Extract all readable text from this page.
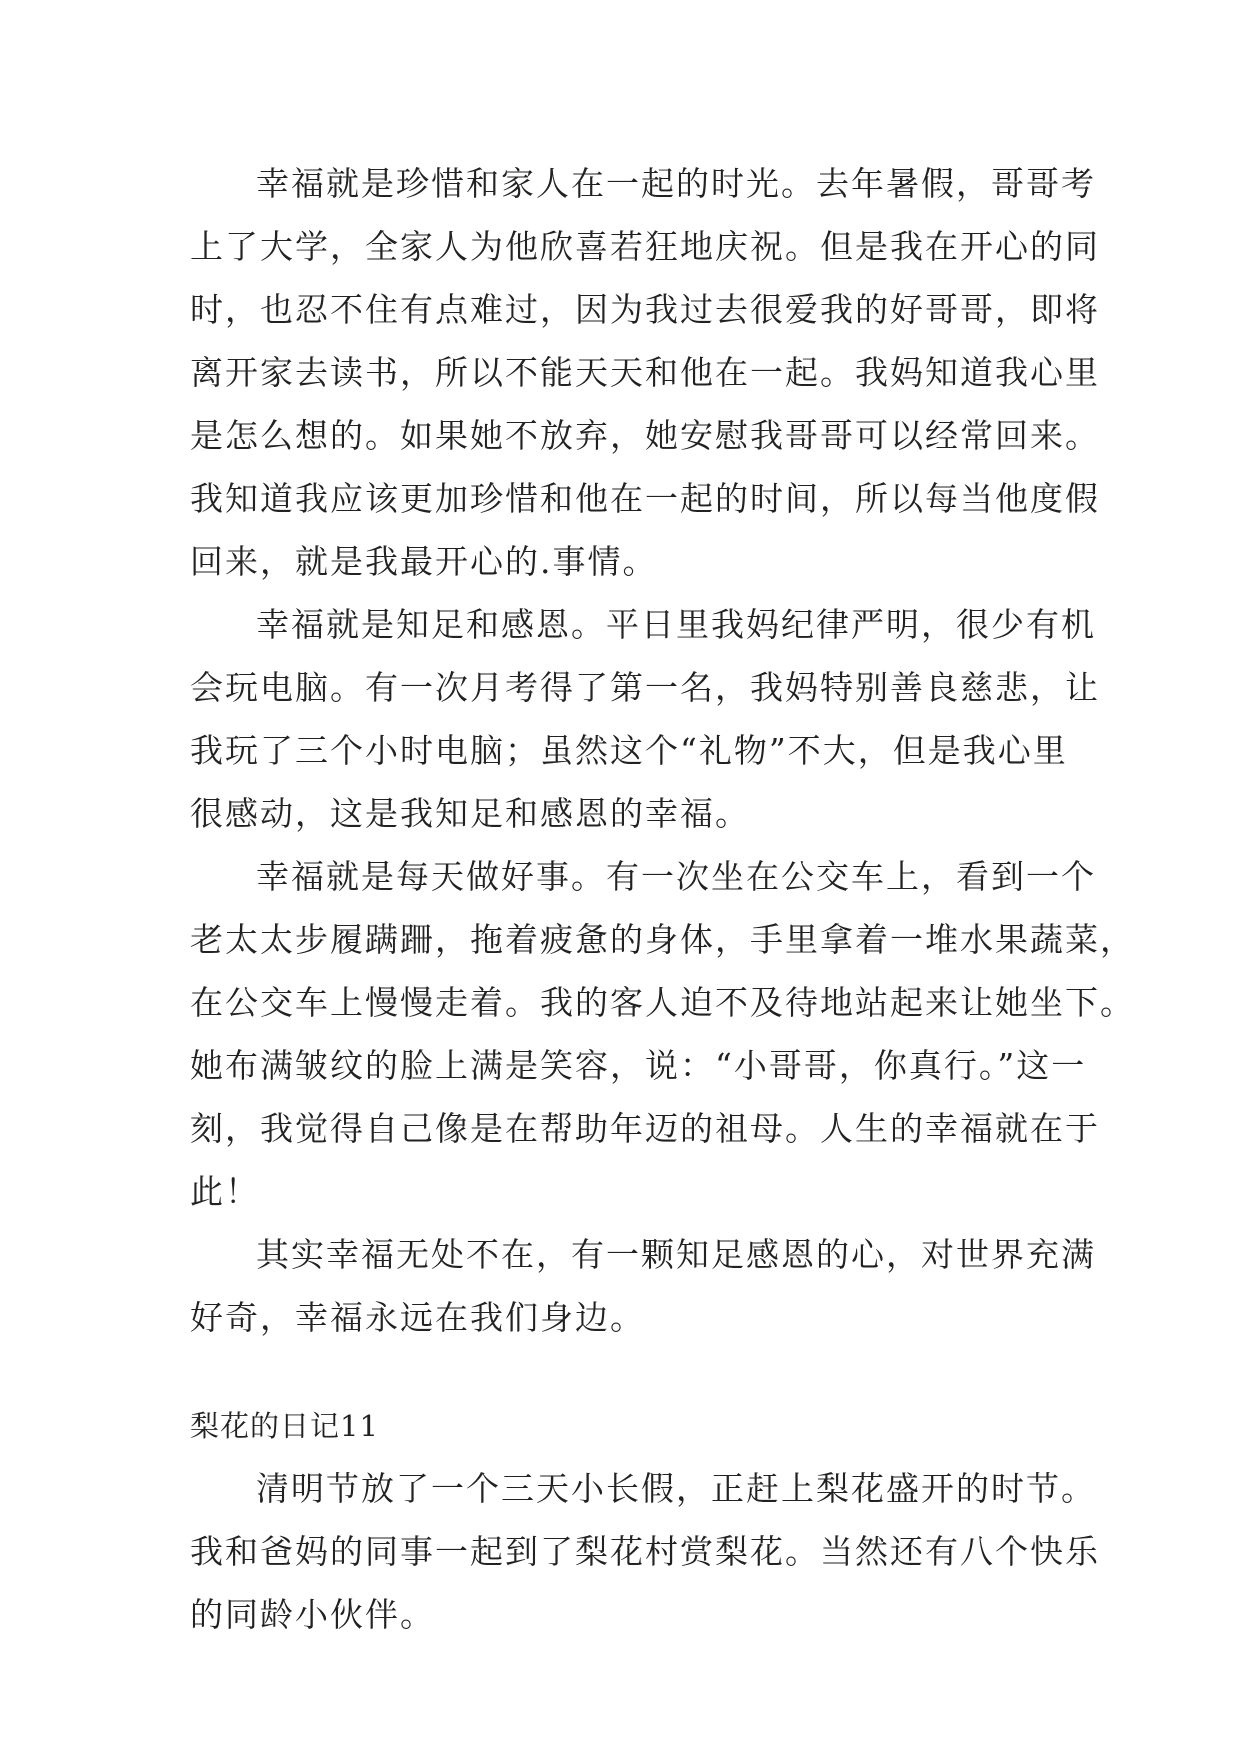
幸福就是珍惜和家人在一起的时光。去年暑假，哥哥考

上了大学，全家人为他欣喜若狂地庆祝。但是我在开心的同

时，也忍不住有点难过，因为我过去很爱我的好哥哥，即将

离开家去读书，所以不能天天和他在一起。我妈知道我心里

是怎么想的。如果她不放弃，她安慰我哥哥可以经常回来。

我知道我应该更加珍惜和他在一起的时间，所以每当他度假

回来，就是我最开心的.事情。

幸福就是知足和感恩。平日里我妈纪律严明，很少有机

会玩电脑。有一次月考得了第一名，我妈特别善良慈悲，让

我玩了三个小时电脑；虽然这个“礼物”不大，但是我心里

很感动，这是我知足和感恩的幸福。

幸福就是每天做好事。有一次坐在公交车上，看到一个

老太太步履蹒跚，拖着疲惫的身体，手里拿着一堆水果蔬菜，

在公交车上慢慢走着。我的客人迫不及待地站起来让她坐下。

她布满皱纹的脸上满是笑容，说：“小哥哥，你真行。”这一

刻，我觉得自己像是在帮助年迈的祖母。人生的幸福就在于

此！

其实幸福无处不在，有一颗知足感恩的心，对世界充满

好奇，幸福永远在我们身边。

梨花的日记11

清明节放了一个三天小长假，正赶上梨花盛开的时节。

我和爸妈的同事一起到了梨花村赏梨花。当然还有八个快乐

的同龄小伙伴。
